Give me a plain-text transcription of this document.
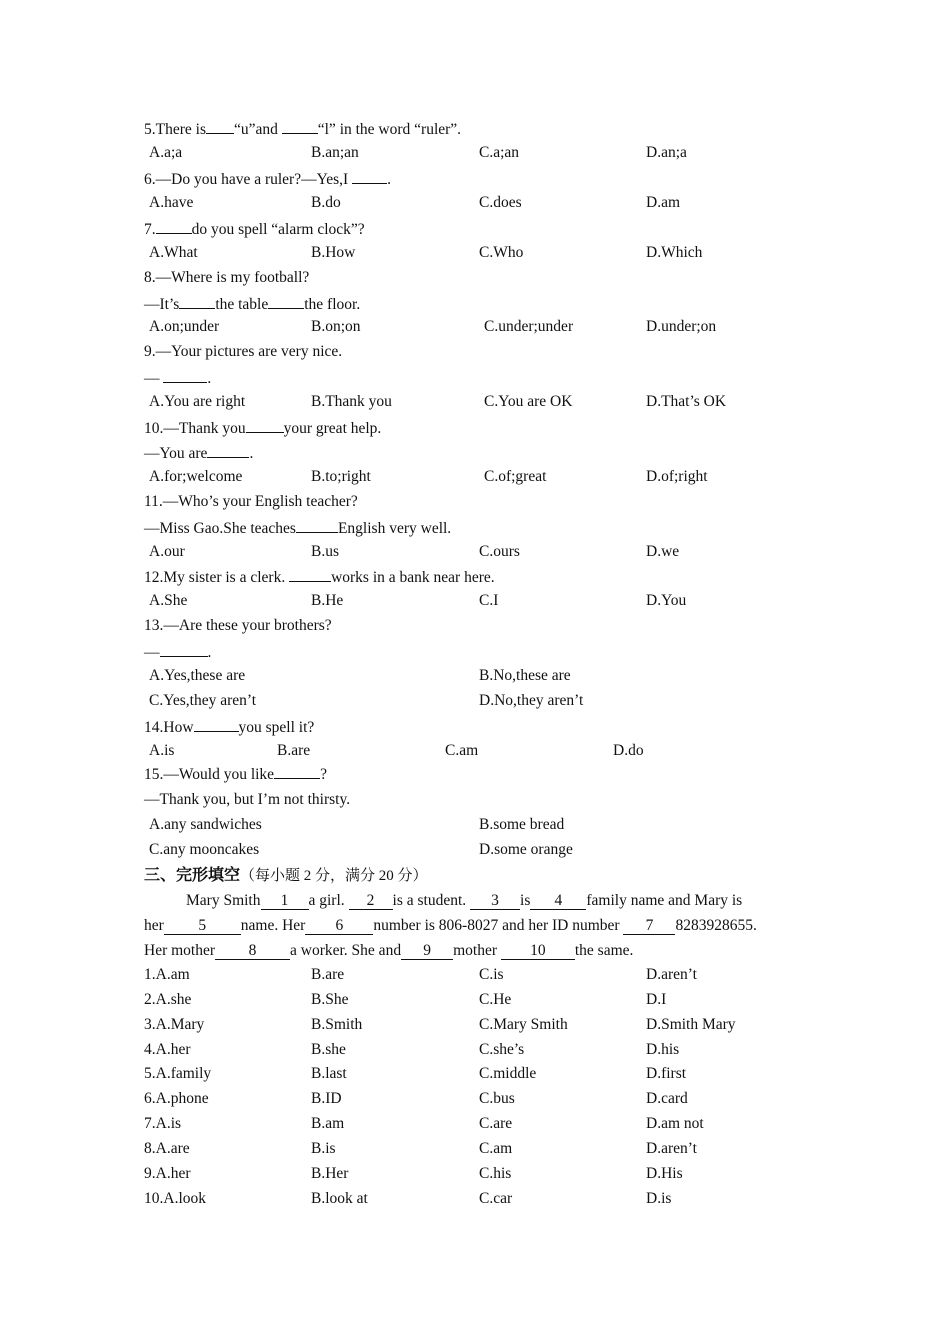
5.There is “u”and “l” in the word “ruler”.
A.a;a	B.an;an	C.a;an	D.an;a
6.—Do you have a ruler?—Yes,I .
A.have	B.do	C.does	D.am
7. do you spell “alarm clock”?
A.What	B.How	C.Who	D.Which
8.—Where is my football?
—It’s the table the floor.
A.on;under	B.on;on	C.under;under	D.under;on
9.—Your pictures are very nice.
—	.
A.You are right	B.Thank you	C.You are OK	D.That’s OK
10.—Thank you your great help.
—You are	.
A.for;welcome	B.to;right	C.of;great	D.of;right
11.—Who’s your English teacher?
—Miss Gao.She teaches	English very well.
A.our	B.us	C.ours	D.we
12.My sister is a clerk.	works in a bank near here.
A.She	B.He	C.I	D.You
13.—Are these your brothers?
—	.
A.Yes,these are	B.No,these are
C.Yes,they aren’t	D.No,they aren’t
14.How	you spell it?
A.is	B.are	C.am	D.do
15.—Would you like	?
—Thank you, but I’m not thirsty.
A.any sandwiches	B.some bread
C.any mooncakes	D.some orange
三、完形填空（每小题 2 分，满分 20 分）

Mary Smith 1 a girl. 2 is a student. 3 is 4 family name and Mary is

her 5 name. Her 6 number is 806-8027 and her ID number 7 8283928655.

Her mother 8 a worker. She and 9 mother 10 the same.

1.A.am	B.are	C.is	D.aren’t
2.A.she	B.She	C.He	D.I
3.A.Mary	B.Smith	C.Mary Smith	D.Smith Mary
4.A.her	B.she	C.she’s	D.his
5.A.family	B.last	C.middle	D.first
6.A.phone	B.ID	C.bus	D.card
7.A.is	B.am	C.are	D.am not
8.A.are	B.is	C.am	D.aren’t
9.A.her	B.Her	C.his	D.His
10.A.look	B.look at	C.car	D.is
